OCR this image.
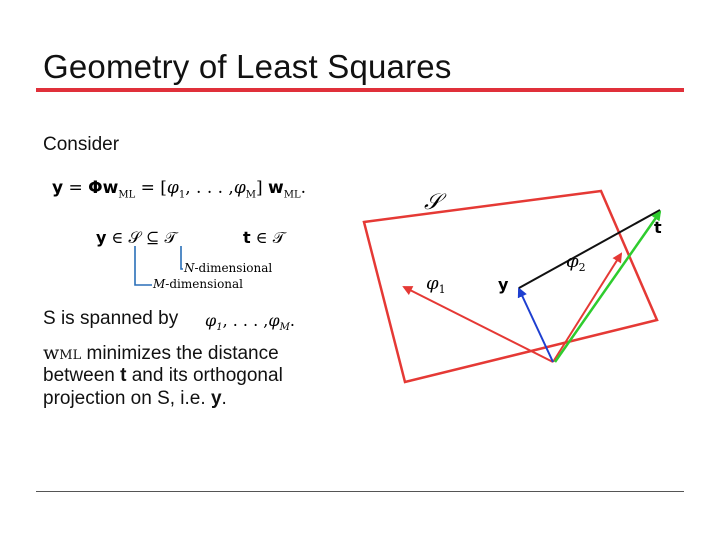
Geometry of Least Squares
Consider
$y = \Phi w_{ML} = [\varphi_1$, . . . $,\varphi_M$] $w_{ML}$.
y ∈ 𝒮 ⊆ 𝒯	t ∈ 𝒯
N-dimensional
M-dimensional
S is spanned by $\varphi_1$, . . . $,\varphi_M$.
wML minimizes the distance
between t and its orthogonal
projection on S, i.e. y.
𝒮
t
y
$\varphi_1$
$\varphi_2$
